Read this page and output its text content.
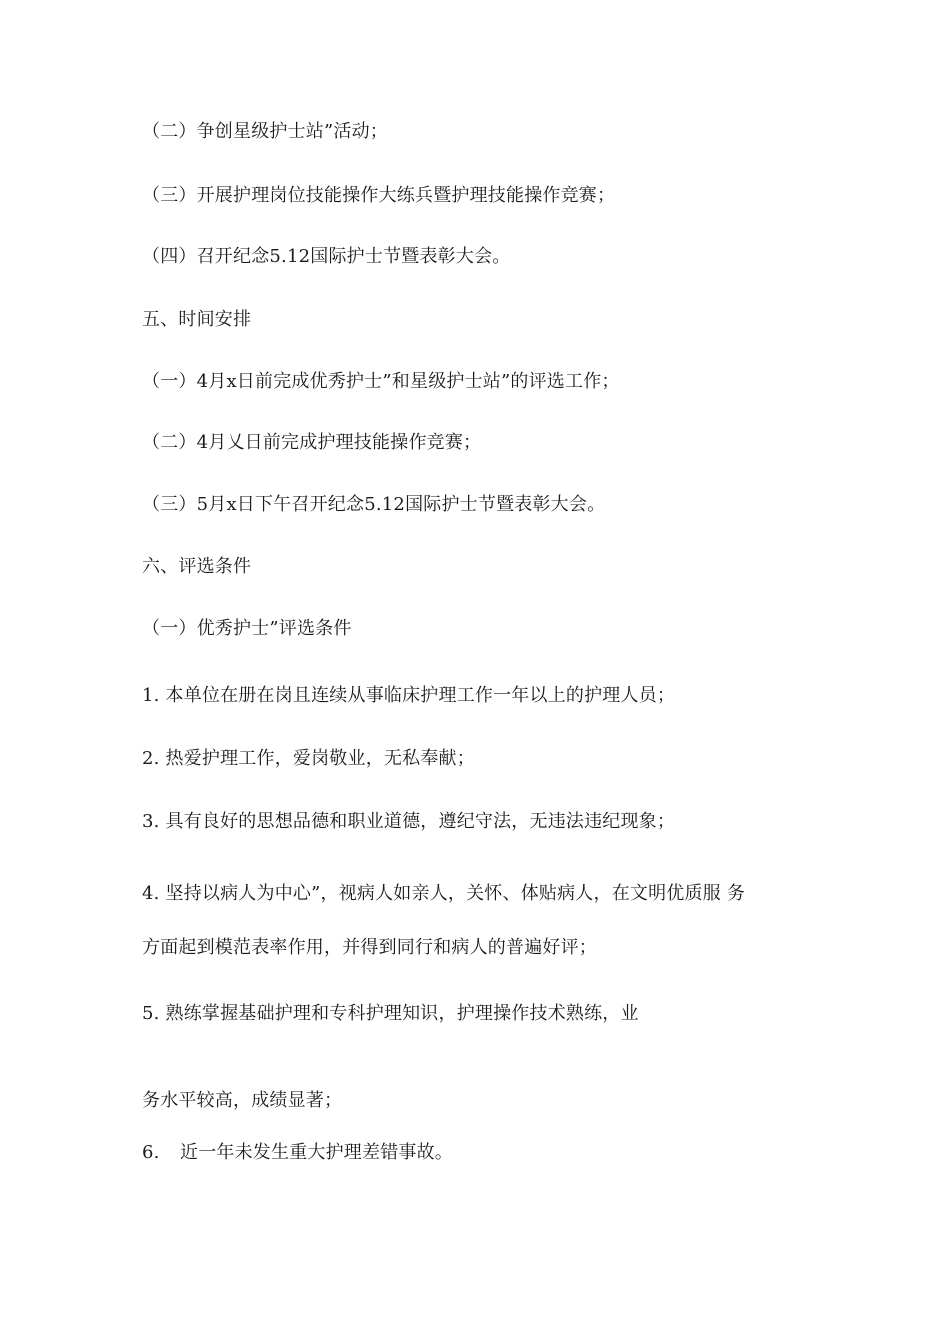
（二）争创星级护士站”活动；
（三）开展护理岗位技能操作大练兵暨护理技能操作竞赛；
（四）召开纪念5.12国际护士节暨表彰大会。
五、时间安排
（一）4月x日前完成优秀护士”和星级护士站”的评选工作；
（二）4月乂日前完成护理技能操作竞赛；
（三）5月x日下午召开纪念5.12国际护士节暨表彰大会。
六、评选条件
（一）优秀护士”评选条件
1. 本单位在册在岗且连续从事临床护理工作一年以上的护理人员；
2. 热爱护理工作，爱岗敬业，无私奉献；
3. 具有良好的思想品德和职业道德，遵纪守法，无违法违纪现象；
4. 坚持以病人为中心”，视病人如亲人，关怀、体贴病人，在文明优质服 务
方面起到模范表率作用，并得到同行和病人的普遍好评；
5. 熟练掌握基础护理和专科护理知识，护理操作技术熟练，业
务水平较高，成绩显著；
6. 近一年未发生重大护理差错事故。
